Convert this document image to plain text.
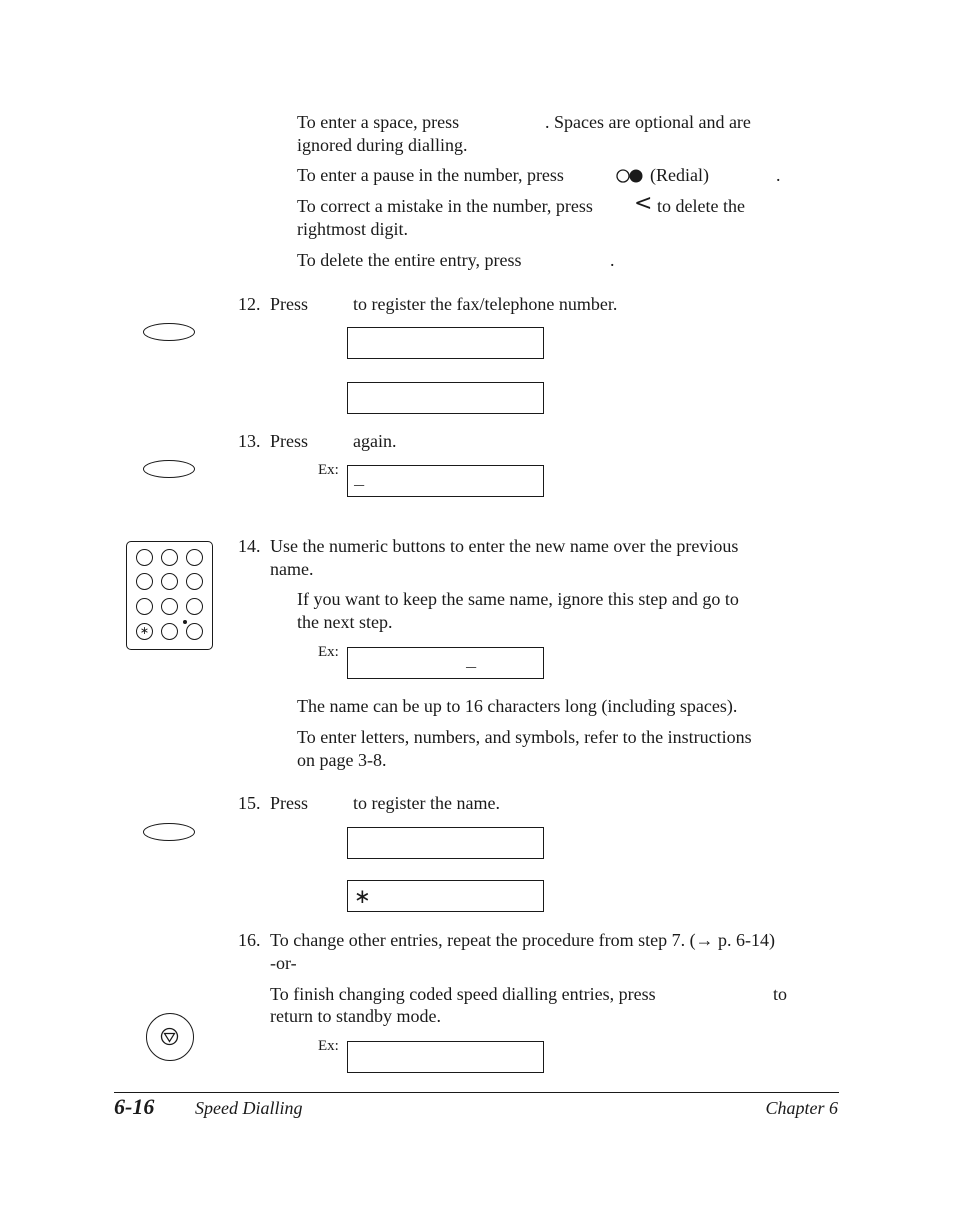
To enter a space, press	. Spaces are optional and are
ignored during dialling.
To enter a pause in the number, press	(Redial)	.
To correct a mistake in the number, press < to delete the
rightmost digit.
To delete the entire entry, press	.
12. Press to register the fax/telephone number.
13. Press again.
Ex:
_
14. Use the numeric buttons to enter the new name over the previous
name.
∗
If you want to keep the same name, ignore this step and go to
the next step.
Ex:
_
The name can be up to 16 characters long (including spaces).
To enter letters, numbers, and symbols, refer to the instructions
on page 3-8.
15. Press to register the name.
∗
16. To change other entries, repeat the procedure from step 7. (→ p. 6-14)
-or-
To finish changing coded speed dialling entries, press	to
return to standby mode.
Ex:
6-16 Speed Dialling	Chapter 6
